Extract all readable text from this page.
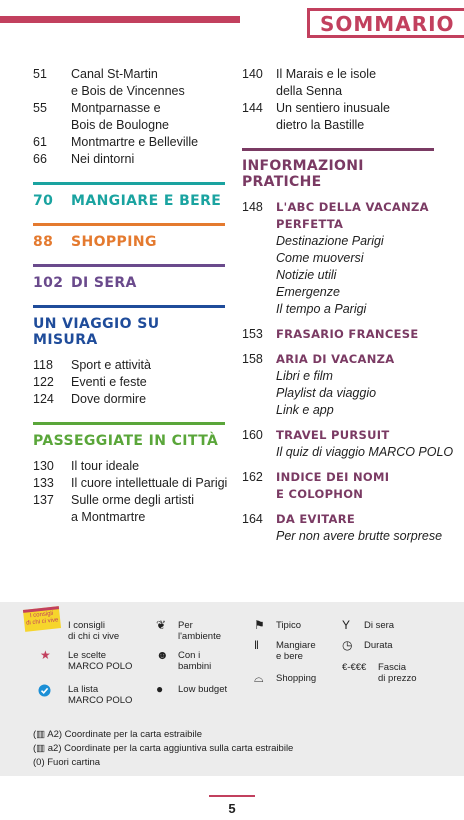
SOMMARIO
51	Canal St-Martin
e Bois de Vincennes
55	Montparnasse e
Bois de Boulogne
61	Montmartre e Belleville
66	Nei dintorni
70	MANGIARE E BERE
88	SHOPPING
102 DI SERA
UN VIAGGIO SU MISURA
118	Sport e attività
122	Eventi e feste
124	Dove dormire
PASSEGGIATE IN CITTÀ
130	Il tour ideale
133	Il cuore intellettuale di Parigi
137	Sulle orme degli artisti
a Montmartre
140	Il Marais e le isole
della Senna
144	Un sentiero inusuale
dietro la Bastille
INFORMAZIONI PRATICHE
148	L'ABC DELLA VACANZA
PERFETTA
Destinazione Parigi
Come muoversi
Notizie utili
Emergenze
Il tempo a Parigi
153	FRASARIO FRANCESE
158	ARIA DI VACANZA
Libri e film
Playlist da viaggio
Link e app
160	TRAVEL PURSUIT
Il quiz di viaggio MARCO POLO
162	INDICE DEI NOMI
E COLOPHON
164	DA EVITARE
Per non avere brutte sorprese
I consigli
di chi ci vive I consigli
di chi ci vive
★	Le scelte
MARCO POLO
La lista
MARCO POLO
❦	Per
l'ambiente
☻ Con i
bambini
●	Low budget
⚑	Tipico
ǁ	Mangiare
e bere
⌓	Shopping
Y	Di sera
◷	Durata
€-€€€	Fascia
di prezzo
(▥ A2) Coordinate per la carta estraibile
(▥ a2) Coordinate per la carta aggiuntiva sulla carta estraibile
(0) Fuori cartina
5
